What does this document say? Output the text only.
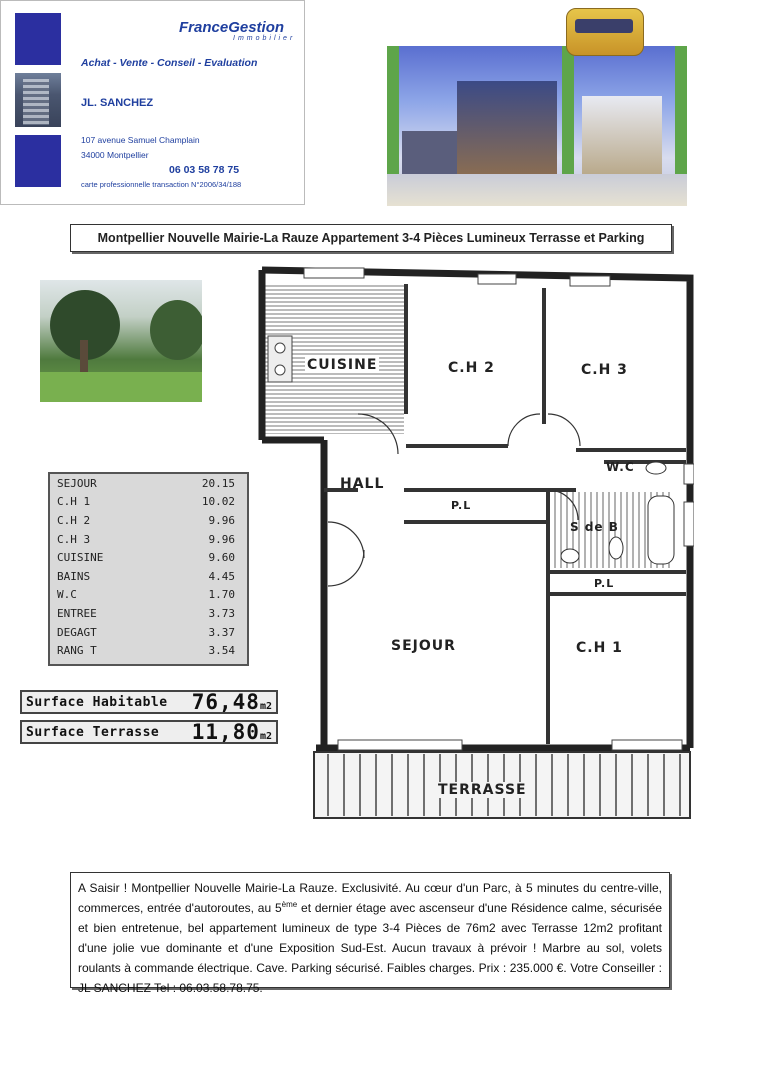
FranceGestion
Immobilier
Achat - Vente - Conseil - Evaluation
JL. SANCHEZ
107 avenue Samuel Champlain
34000 Montpellier
06 03 58 78 75
carte professionnelle transaction N°2006/34/188
Montpellier Nouvelle Mairie-La Rauze Appartement 3-4 Pièces Lumineux Terrasse et Parking
SEJOUR	20.15
C.H 1	10.02
C.H 2	9.96
C.H 3	9.96
CUISINE	9.60
BAINS	4.45
W.C	1.70
ENTREE	3.73
DEGAGT	3.37
RANG T	3.54
Surface Habitable 76,48m2
Surface Terrasse 11,80m2
CUISINE	C.H 2	C.H 3
HALL
P.L
W.C
S de B
P.L
SEJOUR	C.H 1
TERRASSE
A Saisir ! Montpellier Nouvelle Mairie-La Rauze. Exclusivité. Au cœur d'un Parc, à 5 minutes du centre-ville, commerces, entrée d'autoroutes, au 5ème et dernier étage avec ascenseur d'une Résidence calme, sécurisée et bien entretenue, bel appartement lumineux de type 3-4 Pièces de 76m2 avec Terrasse 12m2 profitant d'une jolie vue dominante et d'une Exposition Sud-Est. Aucun travaux à prévoir ! Marbre au sol, volets roulants à commande électrique. Cave. Parking sécurisé. Faibles charges. Prix : 235.000 €. Votre Conseiller : JL SANCHEZ Tel : 06.03.58.78.75.
